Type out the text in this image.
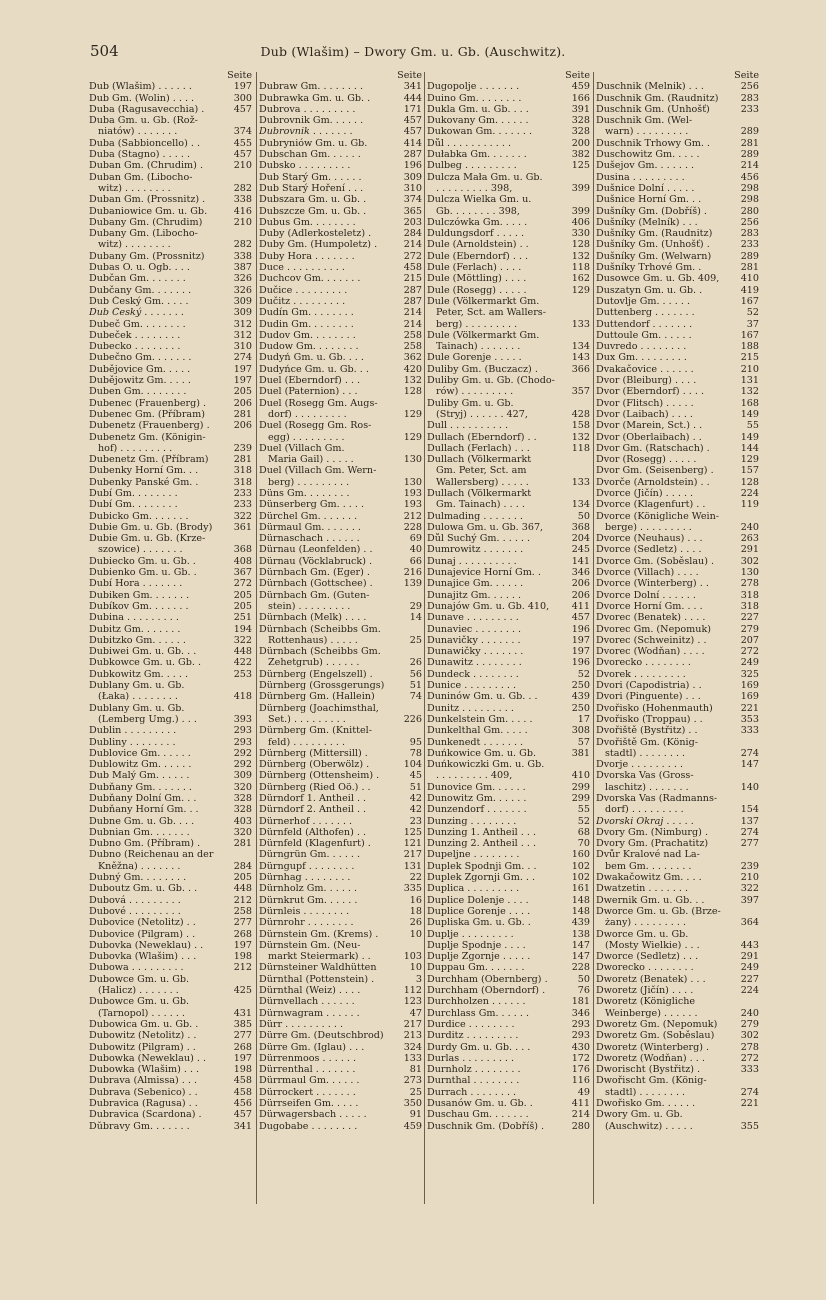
504	Dub (Wlašim) – Dwory Gm. u. Gb. (Auschwitz).
Seite
Dub (Wlašim) . . . . . .	197
Dub Gm. (Wolin) . . . .	300
Duba (Ragusavecchia) .	457
Duba Gm. u. Gb. (Rož-
niatów) . . . . . . .	374
Duba (Sabbioncello) . .	455
Duba (Stagno) . . . . .	457
Duban Gm. (Chrudim) .	210
Duban Gm. (Libocho-
witz) . . . . . . . .	282
Duban Gm. (Prossnitz) .	338
Dubaniowice Gm. u. Gb.	416
Dubany Gm. (Chrudim)	210
Dubany Gm. (Libocho-
witz) . . . . . . . .	282
Dubany Gm. (Prossnitz)	338
Dubas O. u. Ogb. . . .	387
Dubčan Gm. . . . . . .	326
Dubčany Gm. . . . . . .	326
Dub Český Gm. . . . .	309
Dub Český . . . . . . .	309
Dubeč Gm. . . . . . . .	312
Dubeček . . . . . . . .	312
Dubecko . . . . . . . .	310
Dubečno Gm. . . . . . .	274
Dubějovice Gm. . . . .	197
Dubějowitz Gm. . . . .	197
Duben Gm. . . . . . . .	205
Dubenec (Frauenberg) .	206
Dubenec Gm. (Příbram)	281
Dubenetz (Frauenberg) .	206
Dubenetz Gm. (Königin-
hof) . . . . . . . . .	239
Dubenetz Gm. (Příbram)	281
Dubenky Horní Gm. . .	318
Dubenky Panské Gm. .	318
Dubí Gm. . . . . . . .	233
Dubí Gm. . . . . . . .	233
Dubicko Gm. . . . . . .	322
Dubie Gm. u. Gb. (Brody)	361
Dubie Gm. u. Gb. (Krze-
szowice) . . . . . . .	368
Dubiecko Gm. u. Gb. .	408
Dubienko Gm. u. Gb. .	367
Dubí Hora . . . . . . .	272
Dubiken Gm. . . . . . .	205
Dubíkov Gm. . . . . . .	205
Dubina . . . . . . . . .	251
Dubitz Gm. . . . . . .	194
Dubitzko Gm. . . . . .	322
Dubiwei Gm. u. Gb. . .	448
Dubkowce Gm. u. Gb. .	422
Dubkowitz Gm. . . . .	253
Dublany Gm. u. Gb.
(Łaka) . . . . . . . .	418
Dublany Gm. u. Gb.
(Lemberg Umg.) . . .	393
Dublin . . . . . . . . .	293
Dubliny . . . . . . . .	293
Dublovice Gm. . . . . .	292
Dublowitz Gm. . . . . .	292
Dub Malý Gm. . . . . .	309
Dubňany Gm. . . . . . .	320
Dubňany Dolní Gm. . .	328
Dubňany Horní Gm. . .	328
Dubne Gm. u. Gb. . . .	403
Dubnian Gm. . . . . . .	320
Dubno Gm. (Příbram) .	281
Dubno (Reichenau an der
Kněžna) . . . . . . .	284
Dubný Gm. . . . . . . .	205
Duboutz Gm. u. Gb. . .	448
Dubová . . . . . . . . .	212
Dubové . . . . . . . . .	258
Dubovice (Netolitz) . .	277
Dubovice (Pilgram) . .	268
Dubovka (Neweklau) . .	197
Dubovka (Wlašim) . . .	198
Dubowa . . . . . . . . .	212
Dubowce Gm. u. Gb.
(Halicz) . . . . . . .	425
Dubowce Gm. u. Gb.
(Tarnopol) . . . . . .	431
Dubowica Gm. u. Gb. .	385
Dubowitz (Netolitz) . .	277
Dubowitz (Pilgram) . .	268
Dubowka (Neweklau) . .	197
Dubowka (Wlašim) . . .	198
Dubrava (Almissa) . . .	458
Dubrava (Sebenico) . .	458
Dubravica (Ragusa) . .	456
Dubravica (Scardona) .	457
Dŭbravy Gm. . . . . . .	341
Seite
Dubraw Gm. . . . . . . .	341
Dubrawka Gm. u. Gb. .	444
Dubrova . . . . . . . . .	171
Dubrovnik Gm. . . . . .	457
Dubrovnik . . . . . . .	457
Dubryniów Gm. u. Gb.	414
Dubschan Gm. . . . . .	287
Dubsko . . . . . . . . .	196
Dub Starý Gm. . . . . .	309
Dub Starý Hoření . . .	310
Dubszara Gm. u. Gb. .	374
Dubszcze Gm. u. Gb. .	365
Dubus Gm. . . . . . . .	203
Duby (Adlerkosteletz) .	284
Duby Gm. (Humpoletz) .	214
Duby Hora . . . . . . .	272
Duce . . . . . . . . . .	458
Duchcov Gm. . . . . . .	215
Dučice . . . . . . . . .	287
Dučitz . . . . . . . . .	287
Dudín Gm. . . . . . . .	214
Dudin Gm. . . . . . . .	214
Dudov Gm. . . . . . . .	258
Dudow Gm. . . . . . . .	258
Dudyń Gm. u. Gb. . . .	362
Dudyńce Gm. u. Gb. . .	420
Duel (Eberndorf) . . .	132
Duel (Paternion) . . .	128
Duel (Rosegg Gm. Augs-
dorf) . . . . . . . . .	129
Duel (Rosegg Gm. Ros-
egg) . . . . . . . . .	129
Duel (Villach Gm.
Maria Gail) . . . . .	130
Duel (Villach Gm. Wern-
berg) . . . . . . . . .	130
Düns Gm. . . . . . . .	193
Dünserberg Gm. . . . .	193
Dürchel Gm. . . . . . .	212
Dürmaul Gm. . . . . . .	228
Dürnaschach . . . . . .	69
Dürnau (Leonfelden) . .	40
Dürnau (Vöcklabruck) .	66
Dürnbach Gm. (Eger) .	216
Dürnbach (Gottschee) .	139
Dürnbach Gm. (Guten-
stein) . . . . . . . . .	29
Dürnbach (Melk) . . . .	14
Dürnbach (Scheibbs Gm.
Rottenhaus) . . . . .	25
Dürnbach (Scheibbs Gm.
Zehetgrub) . . . . . .	26
Dürnberg (Engelszell) .	56
Dürnberg (Grossgerungs)	51
Dürnberg Gm. (Hallein)	74
Dürnberg (Joachimsthal,
Set.) . . . . . . . . .	226
Dürnberg Gm. (Knittel-
feld) . . . . . . . . .	95
Dürnberg (Mittersill) .	78
Dürnberg (Oberwölz) .	104
Dürnberg (Ottensheim) .	45
Dürnberg (Ried Oö.) . .	51
Dürndorf 1. Antheil . .	42
Dürndorf 2. Antheil . .	42
Dürnerhof . . . . . . .	23
Dürnfeld (Althofen) . .	125
Dürnfeld (Klagenfurt) .	121
Dürngrün Gm. . . . . .	217
Dürngupf . . . . . . . .	131
Dürnhag . . . . . . . .	22
Dürnholz Gm. . . . . .	335
Dürnkrut Gm. . . . . .	16
Dürnleis . . . . . . . .	18
Dürnrohr . . . . . . . .	26
Dürnstein Gm. (Krems) .	10
Dürnstein Gm. (Neu-
markt Steiermark) . .	103
Dürnsteiner Waldhütten	10
Dürnthal (Pottenstein) .	3
Dürnthal (Weiz) . . . .	112
Dürnvellach . . . . . .	123
Dürnwagram . . . . . .	47
Dürr . . . . . . . . . .	217
Dürre Gm. (Deutschbrod)	213
Dürre Gm. (Iglau) . . .	324
Dürrenmoos . . . . . .	133
Dürrenthal . . . . . . .	81
Dürrmaul Gm. . . . . .	273
Dürrockert . . . . . . .	25
Dürrseifen Gm. . . . .	350
Dürwagersbach . . . . .	91
Dugobabe . . . . . . . .	459
Seite
Dugopolje . . . . . . .	459
Duino Gm. . . . . . . .	166
Dukla Gm. u. Gb. . . .	391
Dukovany Gm. . . . . .	328
Dukowan Gm. . . . . . .	328
Důl . . . . . . . . . . .	200
Dułabka Gm. . . . . . .	382
Dulbeg . . . . . . . . .	125
Dulcza Mała Gm. u. Gb.
. . . . . . . . . 398,	399
Dulcza Wielka Gm. u.
Gb. . . . . . . . 398,	399
Dulczówka Gm. . . . .	406
Duldungsdorf . . . . .	330
Dule (Arnoldstein) . .	128
Dule (Eberndorf) . . .	132
Dule (Ferlach) . . . .	118
Dule (Möttling) . . . .	162
Dule (Rosegg) . . . . .	129
Dule (Völkermarkt Gm.
Peter, Sct. am Wallers-
berg) . . . . . . . . .	133
Dule (Völkermarkt Gm.
Tainach) . . . . . . .	134
Dule Gorenje . . . . .	143
Duliby Gm. (Buczacz) .	366
Duliby Gm. u. Gb. (Chodo-
rów) . . . . . . . . .	357
Duliby Gm. u. Gb.
(Stryj) . . . . . . 427,	428
Dull . . . . . . . . . .	158
Dullach (Eberndorf) . .	132
Dullach (Ferlach) . . .	118
Dullach (Völkermarkt
Gm. Peter, Sct. am
Wallersberg) . . . . .	133
Dullach (Völkermarkt
Gm. Tainach) . . . .	134
Dulmading . . . . . . .	50
Dulowa Gm. u. Gb. 367,	368
Důl Suchý Gm. . . . . .	204
Dumrowitz . . . . . . .	245
Dunaj . . . . . . . . . .	141
Dunajevice Horní Gm. .	346
Dunajice Gm. . . . . .	206
Dunajitz Gm. . . . . .	206
Dunajów Gm. u. Gb. 410,	411
Dunave . . . . . . . . .	457
Dunaviec . . . . . . . .	196
Dunavičky . . . . . . .	197
Dunawičky . . . . . . .	197
Dunawitz . . . . . . . .	196
Dundeck . . . . . . . .	52
Dunice . . . . . . . . .	250
Duninów Gm. u. Gb. . .	439
Dunitz . . . . . . . . .	250
Dunkelstein Gm. . . . .	17
Dunkelthal Gm. . . . .	308
Dunkenedt . . . . . . .	57
Duńkowice Gm. u. Gb.	381
Duńkowiczki Gm. u. Gb.
. . . . . . . . . 409,	410
Dunovice Gm. . . . . .	299
Dunowitz Gm. . . . . .	299
Dunzendorf . . . . . . .	55
Dunzing . . . . . . . .	52
Dunzing 1. Antheil . . .	68
Dunzing 2. Antheil . . .	70
Dupeljne . . . . . . . .	160
Duplek Spodnji Gm. . .	102
Duplek Zgornji Gm. . .	102
Duplica . . . . . . . . .	161
Duplice Dolenje . . . .	148
Duplice Gorenje . . . .	148
Dupliska Gm. u. Gb. .	439
Duplje . . . . . . . . .	138
Duplje Spodnje . . . .	147
Duplje Zgornje . . . . .	147
Duppau Gm. . . . . . .	228
Durchham (Obernberg) .	50
Durchham (Oberndorf) .	76
Durchholzen . . . . . .	181
Durchlass Gm. . . . . .	346
Durdice . . . . . . . .	293
Durditz . . . . . . . . .	293
Durdy Gm. u. Gb. . . .	430
Durlas . . . . . . . . .	172
Durnholz . . . . . . . .	176
Durnthal . . . . . . . .	116
Durrach . . . . . . . .	49
Dusanów Gm. u. Gb. .	411
Duschau Gm. . . . . . .	214
Duschnik Gm. (Dobříš) .	280
Seite
Duschnik (Melnik) . . .	256
Duschnik Gm. (Raudnitz)	283
Duschnik Gm. (Unhošť)	233
Duschnik Gm. (Wel-
warn) . . . . . . . . .	289
Duschnik Trhowy Gm. .	281
Duschowitz Gm. . . . .	289
Dušejov Gm. . . . . . .	214
Dusina . . . . . . . . .	456
Dušnice Dolní . . . . .	298
Dušnice Horní Gm. . .	298
Dušníky Gm. (Dobříš) .	280
Dušníky (Melník) . . .	256
Dušníky Gm. (Raudnitz)	283
Dušníky Gm. (Unhošť) .	233
Dušníky Gm. (Welwarn)	289
Dušníky Trhové Gm. .	281
Dusowce Gm. u. Gb. 409,	410
Duszatyn Gm. u. Gb. .	419
Dutovlje Gm. . . . . .	167
Duttenberg . . . . . . .	52
Duttendorf . . . . . . .	37
Duttoule Gm. . . . . .	167
Duvredo . . . . . . . .	188
Dux Gm. . . . . . . . .	215
Dvakačovice . . . . . .	210
Dvor (Bleiburg) . . . .	131
Dvor (Eberndorf) . . . .	132
Dvor (Flitsch) . . . . .	168
Dvor (Laibach) . . . .	149
Dvor (Marein, Sct.) . .	55
Dvor (Oberlaibach) . .	149
Dvor Gm. (Ratschach) .	144
Dvor (Rosegg) . . . . .	129
Dvor Gm. (Seisenberg) .	157
Dvorče (Arnoldstein) . .	128
Dvorce (Jičín) . . . . .	224
Dvorce (Klagenfurt) . .	119
Dvorce (Königliche Wein-
berge) . . . . . . . . .	240
Dvorce (Neuhaus) . . .	263
Dvorce (Sedletz) . . . .	291
Dvorce Gm. (Soběslau) .	302
Dvorce (Villach) . . . .	130
Dvorce (Winterberg) . .	278
Dvorce Dolní . . . . . .	318
Dvorce Horní Gm. . . .	318
Dvorec (Benatek) . . . .	227
Dvorec Gm. (Nepomuk)	279
Dvorec (Schweinitz) . .	207
Dvorec (Wodňan) . . . .	272
Dvorecko . . . . . . . .	249
Dvorek . . . . . . . . .	325
Dvori (Capodistria) . .	169
Dvori (Pinguente) . . .	169
Dvořisko (Hohenmauth)	221
Dvořisko (Troppau) . .	353
Dvořiště (Bystřitz) . .	333
Dvořiště Gm. (König-
stadtl) . . . . . . . .	274
Dvorje . . . . . . . . .	147
Dvorska Vas (Gross-
laschitz) . . . . . . .	140
Dvorska Vas (Radmanns-
dorf) . . . . . . . . .	154
Dvorski Okraj . . . . .	137
Dvory Gm. (Nimburg) .	274
Dvory Gm. (Prachatitz)	277
Dvůr Kralové nad La-
bem Gm. . . . . . . .	239
Dwakačowitz Gm. . . .	210
Dwatzetin . . . . . . .	322
Dwernik Gm. u. Gb. . .	397
Dworce Gm. u. Gb. (Brze-
żany) . . . . . . . . .	364
Dworce Gm. u. Gb.
(Mosty Wielkie) . . .	443
Dworce (Sedletz) . . .	291
Dworecko . . . . . . . .	249
Dworetz (Benatek) . . .	227
Dworetz (Jičín) . . . .	224
Dworetz (Königliche
Weinberge) . . . . . .	240
Dworetz Gm. (Nepomuk)	279
Dworetz Gm. (Soběslau)	302
Dworetz (Winterberg) .	278
Dworetz (Wodňan) . . .	272
Dworischt (Bystřitz) .	333
Dwořischt Gm. (König-
stadtl) . . . . . . . .	274
Dwořisko Gm. . . . . .	221
Dwory Gm. u. Gb.
(Auschwitz) . . . . .	355
